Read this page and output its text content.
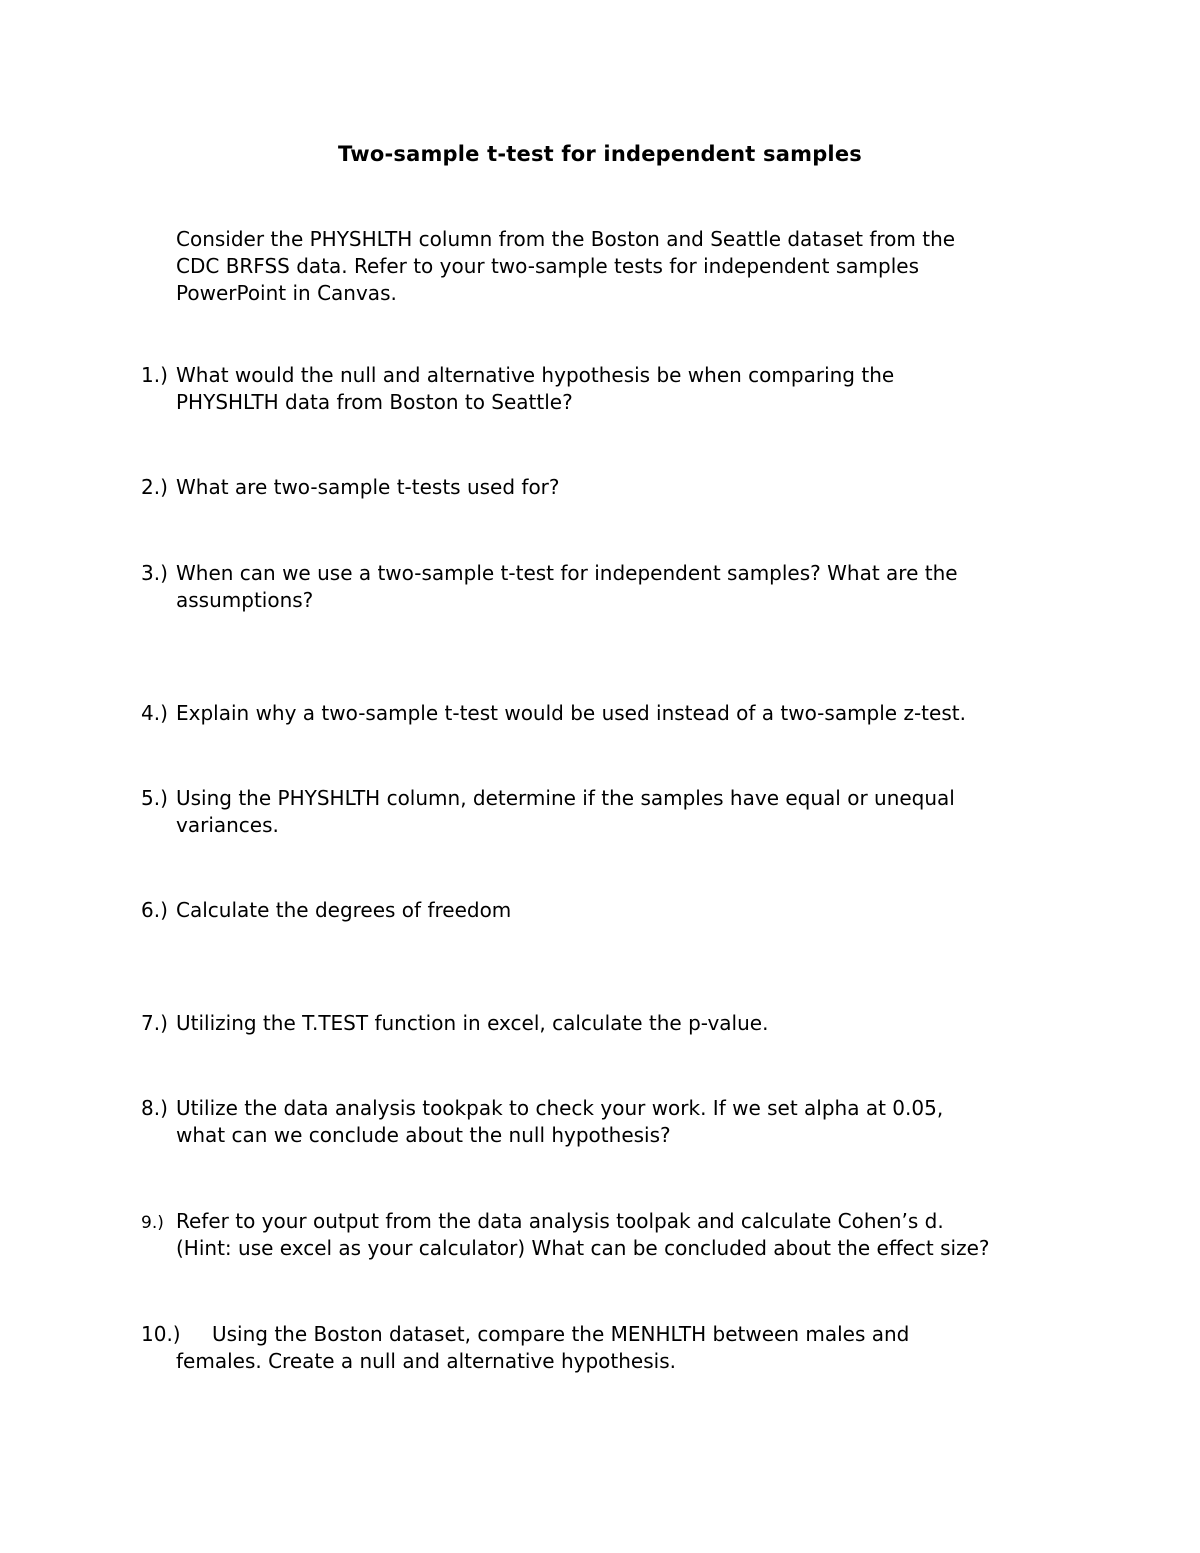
Two-sample t-test for independent samples
Consider the PHYSHLTH column from the Boston and Seattle dataset from the
CDC BRFSS data. Refer to your two-sample tests for independent samples
PowerPoint in Canvas.
1.) What would the null and alternative hypothesis be when comparing the
PHYSHLTH data from Boston to Seattle?
2.) What are two-sample t-tests used for?
3.) When can we use a two-sample t-test for independent samples? What are the
assumptions?
4.) Explain why a two-sample t-test would be used instead of a two-sample z-test.
5.) Using the PHYSHLTH column, determine if the samples have equal or unequal
variances.
6.) Calculate the degrees of freedom
7.) Utilizing the T.TEST function in excel, calculate the p-value.
8.) Utilize the data analysis tookpak to check your work. If we set alpha at 0.05,
what can we conclude about the null hypothesis?
9.) Refer to your output from the data analysis toolpak and calculate Cohen’s d.
(Hint: use excel as your calculator) What can be concluded about the effect size?
10.)	Using the Boston dataset, compare the MENHLTH between males and
females. Create a null and alternative hypothesis.
